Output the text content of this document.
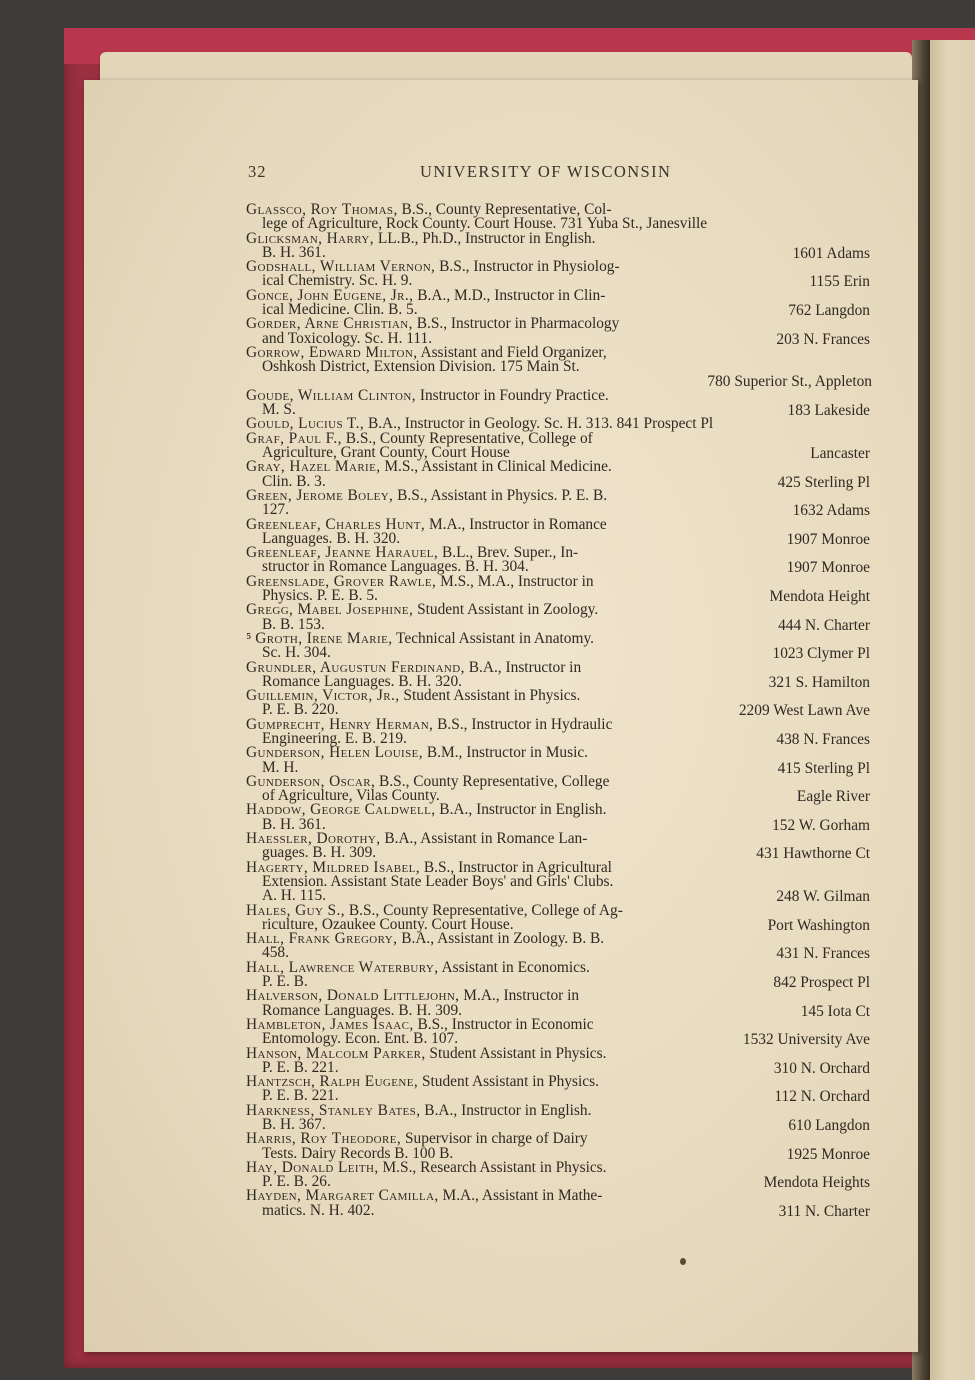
32	UNIVERSITY OF WISCONSIN
Glassco, Roy Thomas, B.S., County Representative, Col-
lege of Agriculture, Rock County. Court House. 731 Yuba St., Janesville
Glicksman, Harry, LL.B., Ph.D., Instructor in English.
B. H. 361.	1601 Adams
Godshall, William Vernon, B.S., Instructor in Physiolog-
ical Chemistry. Sc. H. 9.	1155 Erin
Gonce, John Eugene, Jr., B.A., M.D., Instructor in Clin-
ical Medicine. Clin. B. 5.	762 Langdon
Gorder, Arne Christian, B.S., Instructor in Pharmacology
and Toxicology. Sc. H. 111.	203 N. Frances
Gorrow, Edward Milton, Assistant and Field Organizer,
Oshkosh District, Extension Division. 175 Main St.
780 Superior St., Appleton
Goude, William Clinton, Instructor in Foundry Practice.
M. S.	183 Lakeside
Gould, Lucius T., B.A., Instructor in Geology. Sc. H. 313. 841 Prospect Pl
Graf, Paul F., B.S., County Representative, College of
Agriculture, Grant County, Court House	Lancaster
Gray, Hazel Marie, M.S., Assistant in Clinical Medicine.
Clin. B. 3.	425 Sterling Pl
Green, Jerome Boley, B.S., Assistant in Physics. P. E. B.
127.	1632 Adams
Greenleaf, Charles Hunt, M.A., Instructor in Romance
Languages. B. H. 320.	1907 Monroe
Greenleaf, Jeanne Harauel, B.L., Brev. Super., In-
structor in Romance Languages. B. H. 304.	1907 Monroe
Greenslade, Grover Rawle, M.S., M.A., Instructor in
Physics. P. E. B. 5.	Mendota Height
Gregg, Mabel Josephine, Student Assistant in Zoology.
B. B. 153.	444 N. Charter
⁵ Groth, Irene Marie, Technical Assistant in Anatomy.
Sc. H. 304.	1023 Clymer Pl
Grundler, Augustun Ferdinand, B.A., Instructor in
Romance Languages. B. H. 320.	321 S. Hamilton
Guillemin, Victor, Jr., Student Assistant in Physics.
P. E. B. 220.	2209 West Lawn Ave
Gumprecht, Henry Herman, B.S., Instructor in Hydraulic
Engineering. E. B. 219.	438 N. Frances
Gunderson, Helen Louise, B.M., Instructor in Music.
M. H.	415 Sterling Pl
Gunderson, Oscar, B.S., County Representative, College
of Agriculture, Vilas County.	Eagle River
Haddow, George Caldwell, B.A., Instructor in English.
B. H. 361.	152 W. Gorham
Haessler, Dorothy, B.A., Assistant in Romance Lan-
guages. B. H. 309.	431 Hawthorne Ct
Hagerty, Mildred Isabel, B.S., Instructor in Agricultural
Extension. Assistant State Leader Boys' and Girls' Clubs.
A. H. 115.	248 W. Gilman
Hales, Guy S., B.S., County Representative, College of Ag-
riculture, Ozaukee County. Court House.	Port Washington
Hall, Frank Gregory, B.A., Assistant in Zoology. B. B.
458.	431 N. Frances
Hall, Lawrence Waterbury, Assistant in Economics.
P. E. B.	842 Prospect Pl
Halverson, Donald Littlejohn, M.A., Instructor in
Romance Languages. B. H. 309.	145 Iota Ct
Hambleton, James Isaac, B.S., Instructor in Economic
Entomology. Econ. Ent. B. 107.	1532 University Ave
Hanson, Malcolm Parker, Student Assistant in Physics.
P. E. B. 221.	310 N. Orchard
Hantzsch, Ralph Eugene, Student Assistant in Physics.
P. E. B. 221.	112 N. Orchard
Harkness, Stanley Bates, B.A., Instructor in English.
B. H. 367.	610 Langdon
Harris, Roy Theodore, Supervisor in charge of Dairy
Tests. Dairy Records B. 100 B.	1925 Monroe
Hay, Donald Leith, M.S., Research Assistant in Physics.
P. E. B. 26.	Mendota Heights
Hayden, Margaret Camilla, M.A., Assistant in Mathe-
matics. N. H. 402.	311 N. Charter
